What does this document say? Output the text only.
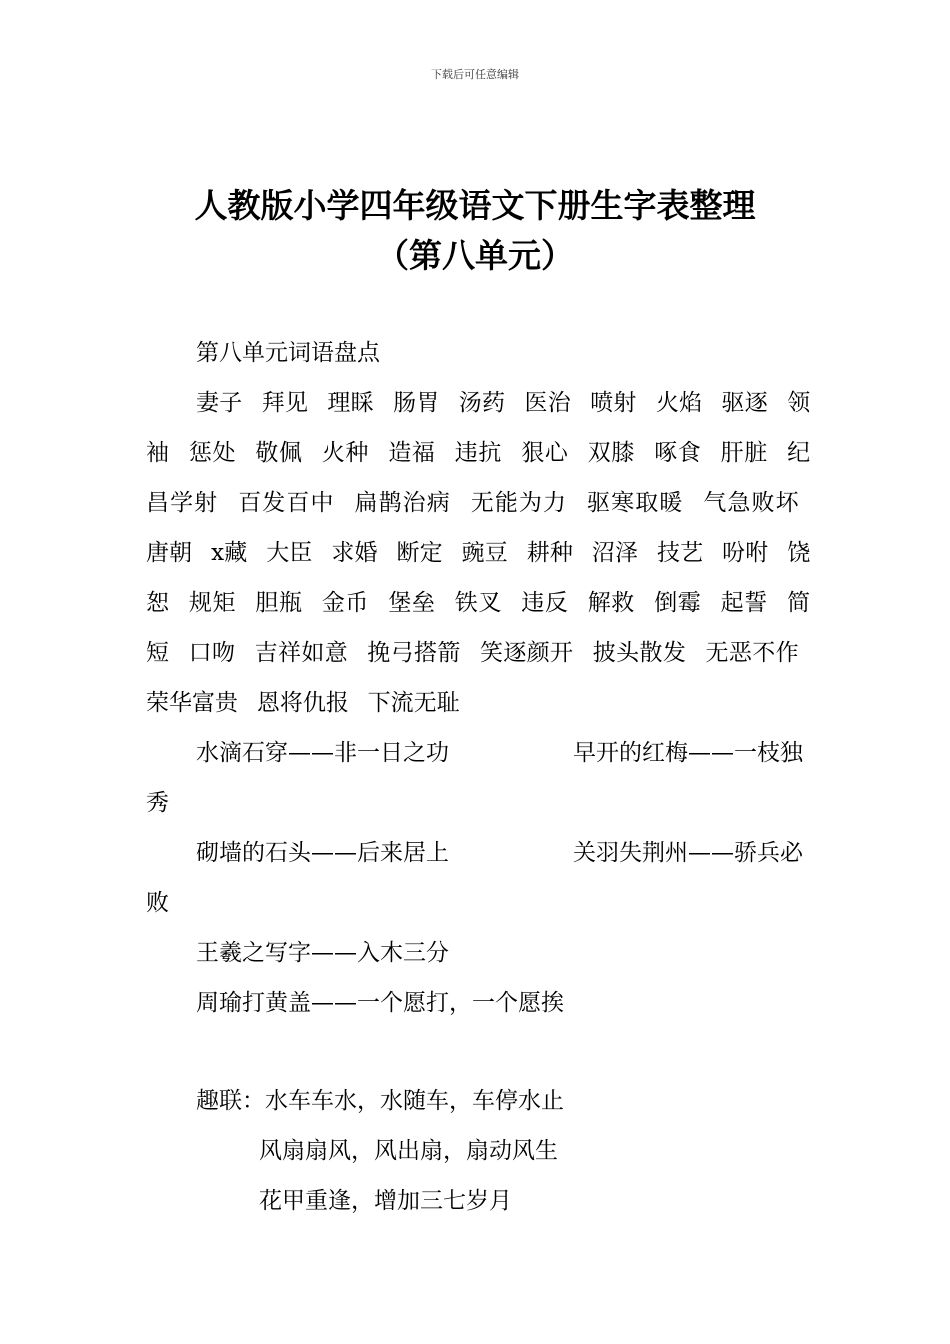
下载后可任意编辑
人教版小学四年级语文下册生字表整理
（第八单元）
第八单元词语盘点
妻子 拜见 理睬 肠胃 汤药 医治 喷射 火焰 驱逐 领袖 惩处 敬佩 火种 造福 违抗 狠心 双膝 啄食 肝脏 纪昌学射 百发百中 扁鹊治病 无能为力 驱寒取暖 气急败坏 唐朝 x藏 大臣 求婚 断定 豌豆 耕种 沼泽 技艺 吩咐 饶恕 规矩 胆瓶 金币 堡垒 铁叉 违反 解救 倒霉 起誓 简短 口吻 吉祥如意 挽弓搭箭 笑逐颜开 披头散发 无恶不作 荣华富贵 恩将仇报 下流无耻
水滴石穿——非一日之功	早开的红梅——一枝独秀
砌墙的石头——后来居上	关羽失荆州——骄兵必败
王羲之写字——入木三分
周瑜打黄盖——一个愿打，一个愿挨
趣联：水车车水，水随车，车停水止
风扇扇风，风出扇，扇动风生
花甲重逢，增加三七岁月
